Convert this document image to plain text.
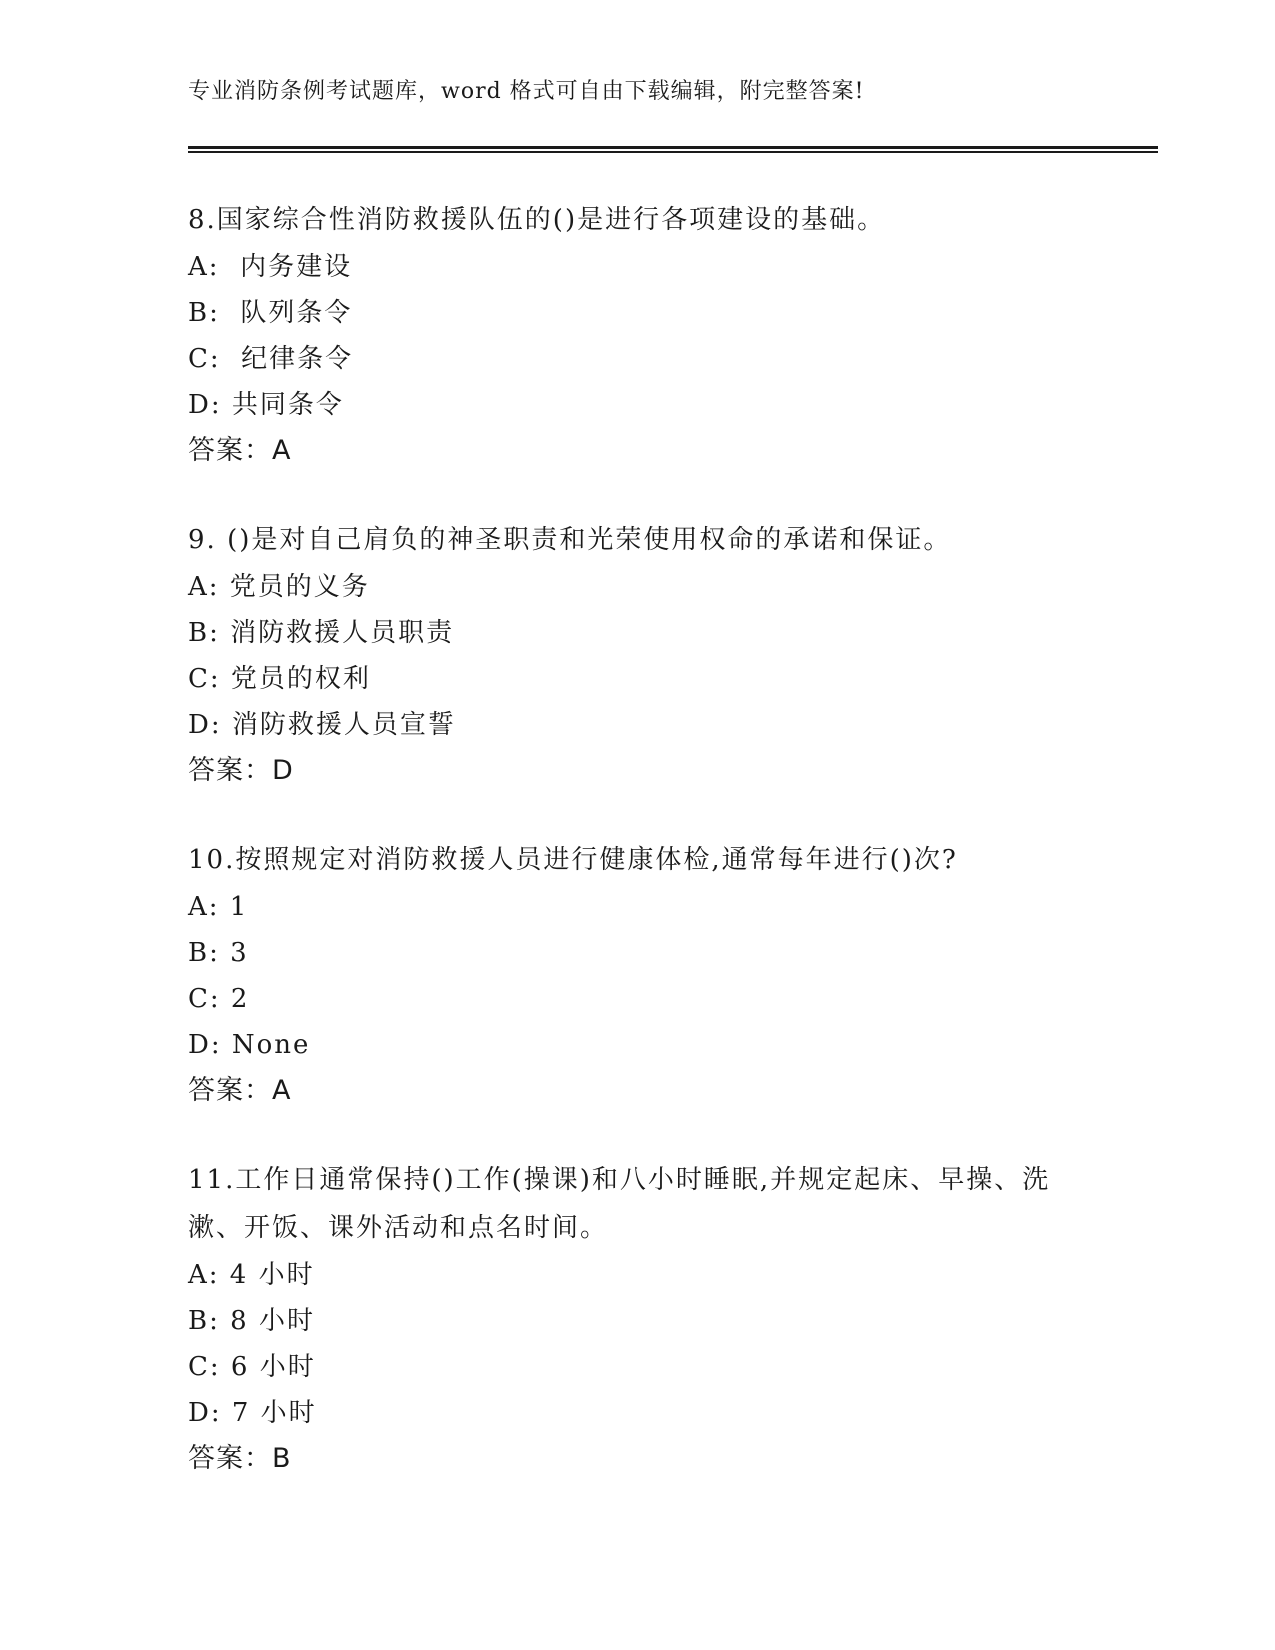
专业消防条例考试题库，word 格式可自由下载编辑，附完整答案!

8.国家综合性消防救援队伍的()是进行各项建设的基础。

A:  内务建设
B:  队列条令
C:  纪律条令
D: 共同条令
答案：A

9. ()是对自己肩负的神圣职责和光荣使用权命的承诺和保证。

A: 党员的义务
B: 消防救援人员职责
C: 党员的权利
D: 消防救援人员宣誓
答案：D

10.按照规定对消防救援人员进行健康体检,通常每年进行()次?

A: 1
B: 3
C: 2
D: None
答案：A

11.工作日通常保持()工作(操课)和八小时睡眠,并规定起床、早操、洗漱、开饭、课外活动和点名时间。

A: 4 小时
B: 8 小时
C: 6 小时
D: 7 小时
答案：B
